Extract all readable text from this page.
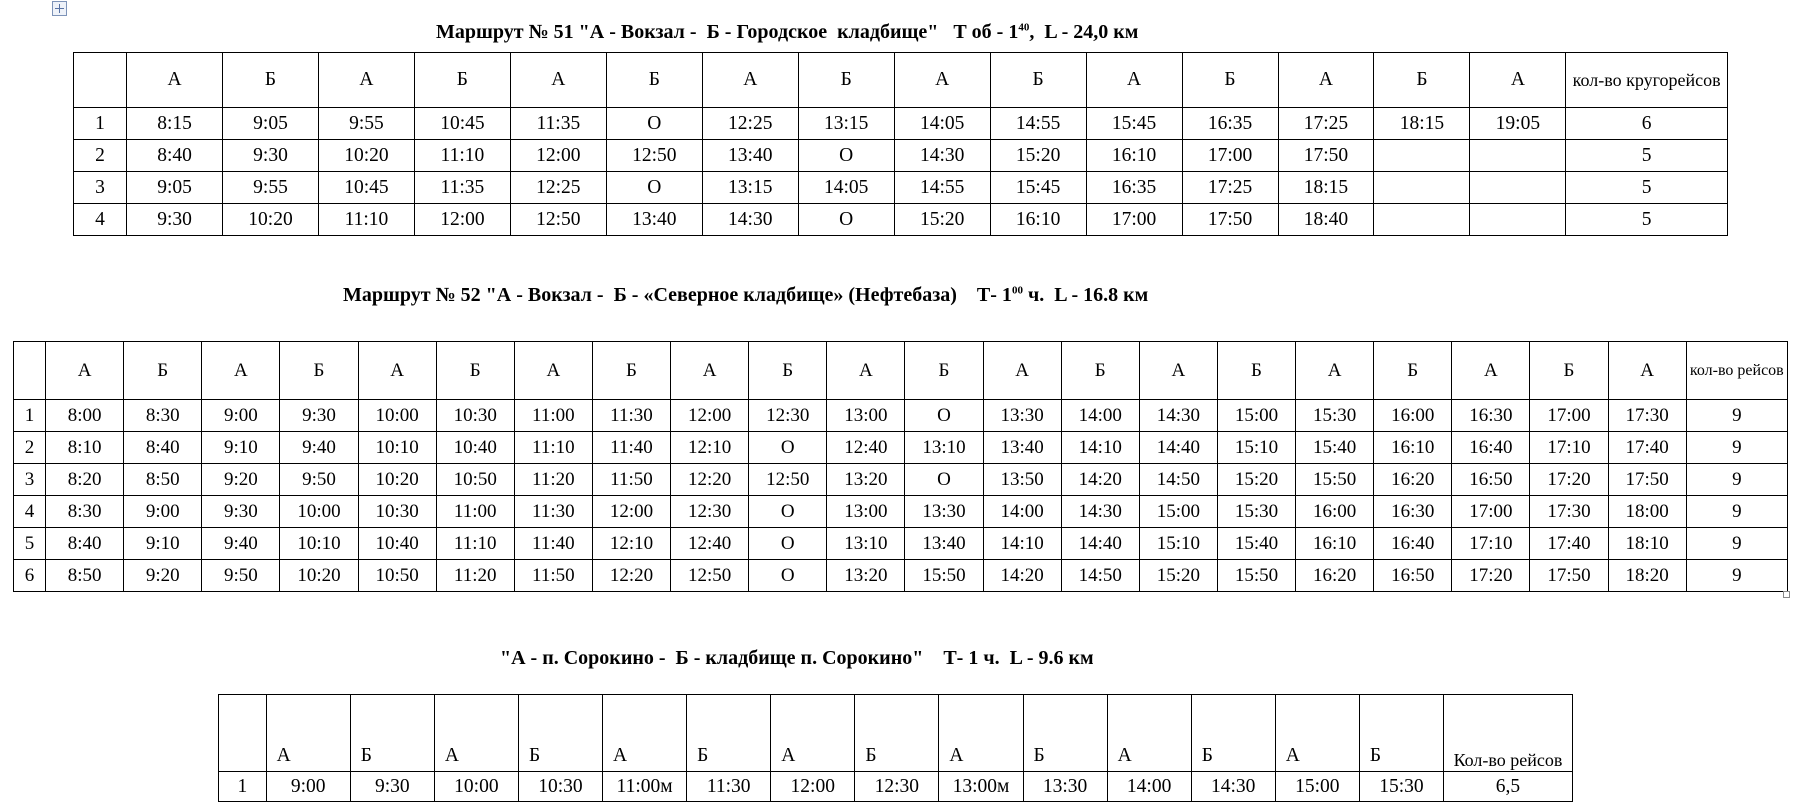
Маршрут № 51 "А - Вокзал -  Б - Городское  кладбище"   Т об - $1^{40}$,  L - 24,0 км
	А	Б	А	Б	А	Б	А	Б	А	Б	А	Б	А	Б	А	кол-во кругорейсов
1	8:15	9:05	9:55	10:45	11:35	О	12:25	13:15	14:05	14:55	15:45	16:35	17:25	18:15	19:05	6
2	8:40	9:30	10:20	11:10	12:00	12:50	13:40	О	14:30	15:20	16:10	17:00	17:50			5
3	9:05	9:55	10:45	11:35	12:25	О	13:15	14:05	14:55	15:45	16:35	17:25	18:15			5
4	9:30	10:20	11:10	12:00	12:50	13:40	14:30	О	15:20	16:10	17:00	17:50	18:40			5
Маршрут № 52 "А - Вокзал -  Б - «Северное кладбище» (Нефтебаза)    Т- $1^{00}$ ч.  L - 16.8 км
	А	Б	А	Б	А	Б	А	Б	А	Б	А	Б	А	Б	А	Б	А	Б	А	Б	А	кол-во рейсов
1	8:00	8:30	9:00	9:30	10:00	10:30	11:00	11:30	12:00	12:30	13:00	О	13:30	14:00	14:30	15:00	15:30	16:00	16:30	17:00	17:30	9
2	8:10	8:40	9:10	9:40	10:10	10:40	11:10	11:40	12:10	О	12:40	13:10	13:40	14:10	14:40	15:10	15:40	16:10	16:40	17:10	17:40	9
3	8:20	8:50	9:20	9:50	10:20	10:50	11:20	11:50	12:20	12:50	13:20	О	13:50	14:20	14:50	15:20	15:50	16:20	16:50	17:20	17:50	9
4	8:30	9:00	9:30	10:00	10:30	11:00	11:30	12:00	12:30	О	13:00	13:30	14:00	14:30	15:00	15:30	16:00	16:30	17:00	17:30	18:00	9
5	8:40	9:10	9:40	10:10	10:40	11:10	11:40	12:10	12:40	О	13:10	13:40	14:10	14:40	15:10	15:40	16:10	16:40	17:10	17:40	18:10	9
6	8:50	9:20	9:50	10:20	10:50	11:20	11:50	12:20	12:50	О	13:20	15:50	14:20	14:50	15:20	15:50	16:20	16:50	17:20	17:50	18:20	9
"А - п. Сорокино -  Б - кладбище п. Сорокино"    Т- 1 ч.  L - 9.6 км
	А	Б	А	Б	А	Б	А	Б	А	Б	А	Б	А	Б	Кол-во рейсов
1	9:00	9:30	10:00	10:30	11:00м	11:30	12:00	12:30	13:00м	13:30	14:00	14:30	15:00	15:30	6,5
